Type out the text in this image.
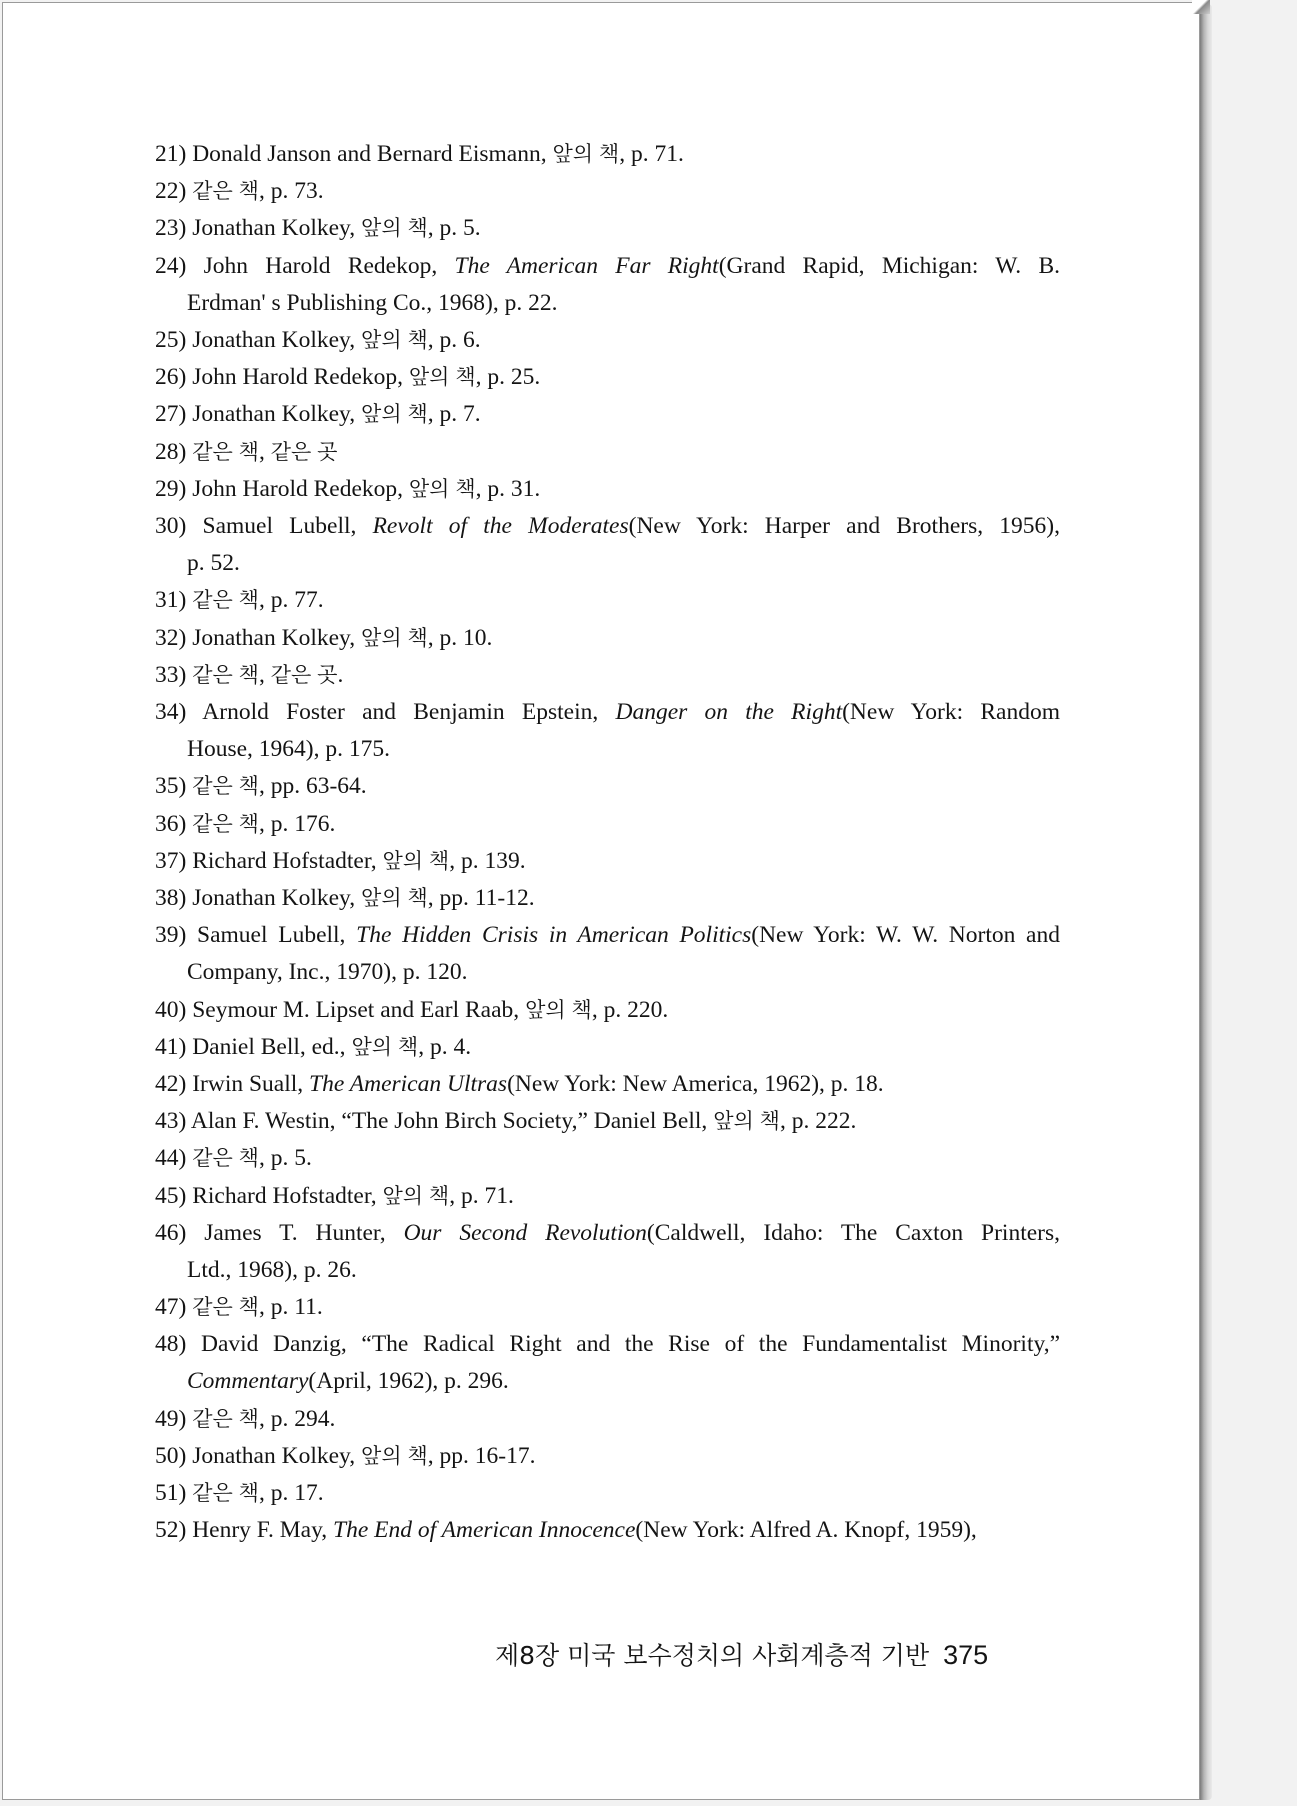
21) Donald Janson and Bernard Eismann, 앞의 책, p. 71.
22) 같은 책, p. 73.
23) Jonathan Kolkey, 앞의 책, p. 5.
24) John Harold Redekop, The American Far Right(Grand Rapid, Michigan: W. B.
Erdman' s Publishing Co., 1968), p. 22.
25) Jonathan Kolkey, 앞의 책, p. 6.
26) John Harold Redekop, 앞의 책, p. 25.
27) Jonathan Kolkey, 앞의 책, p. 7.
28) 같은 책, 같은 곳
29) John Harold Redekop, 앞의 책, p. 31.
30) Samuel Lubell, Revolt of the Moderates(New York: Harper and Brothers, 1956),
p. 52.
31) 같은 책, p. 77.
32) Jonathan Kolkey, 앞의 책, p. 10.
33) 같은 책, 같은 곳.
34) Arnold Foster and Benjamin Epstein, Danger on the Right(New York: Random
House, 1964), p. 175.
35) 같은 책, pp. 63-64.
36) 같은 책, p. 176.
37) Richard Hofstadter, 앞의 책, p. 139.
38) Jonathan Kolkey, 앞의 책, pp. 11-12.
39) Samuel Lubell, The Hidden Crisis in American Politics(New York: W. W. Norton and
Company, Inc., 1970), p. 120.
40) Seymour M. Lipset and Earl Raab, 앞의 책, p. 220.
41) Daniel Bell, ed., 앞의 책, p. 4.
42) Irwin Suall, The American Ultras(New York: New America, 1962), p. 18.
43) Alan F. Westin, “The John Birch Society,” Daniel Bell, 앞의 책, p. 222.
44) 같은 책, p. 5.
45) Richard Hofstadter, 앞의 책, p. 71.
46) James T. Hunter, Our Second Revolution(Caldwell, Idaho: The Caxton Printers,
Ltd., 1968), p. 26.
47) 같은 책, p. 11.
48) David Danzig, “The Radical Right and the Rise of the Fundamentalist Minority,”
Commentary(April, 1962), p. 296.
49) 같은 책, p. 294.
50) Jonathan Kolkey, 앞의 책, pp. 16-17.
51) 같은 책, p. 17.
52) Henry F. May, The End of American Innocence(New York: Alfred A. Knopf, 1959),
제8장 미국 보수정치의 사회계층적 기반 375
